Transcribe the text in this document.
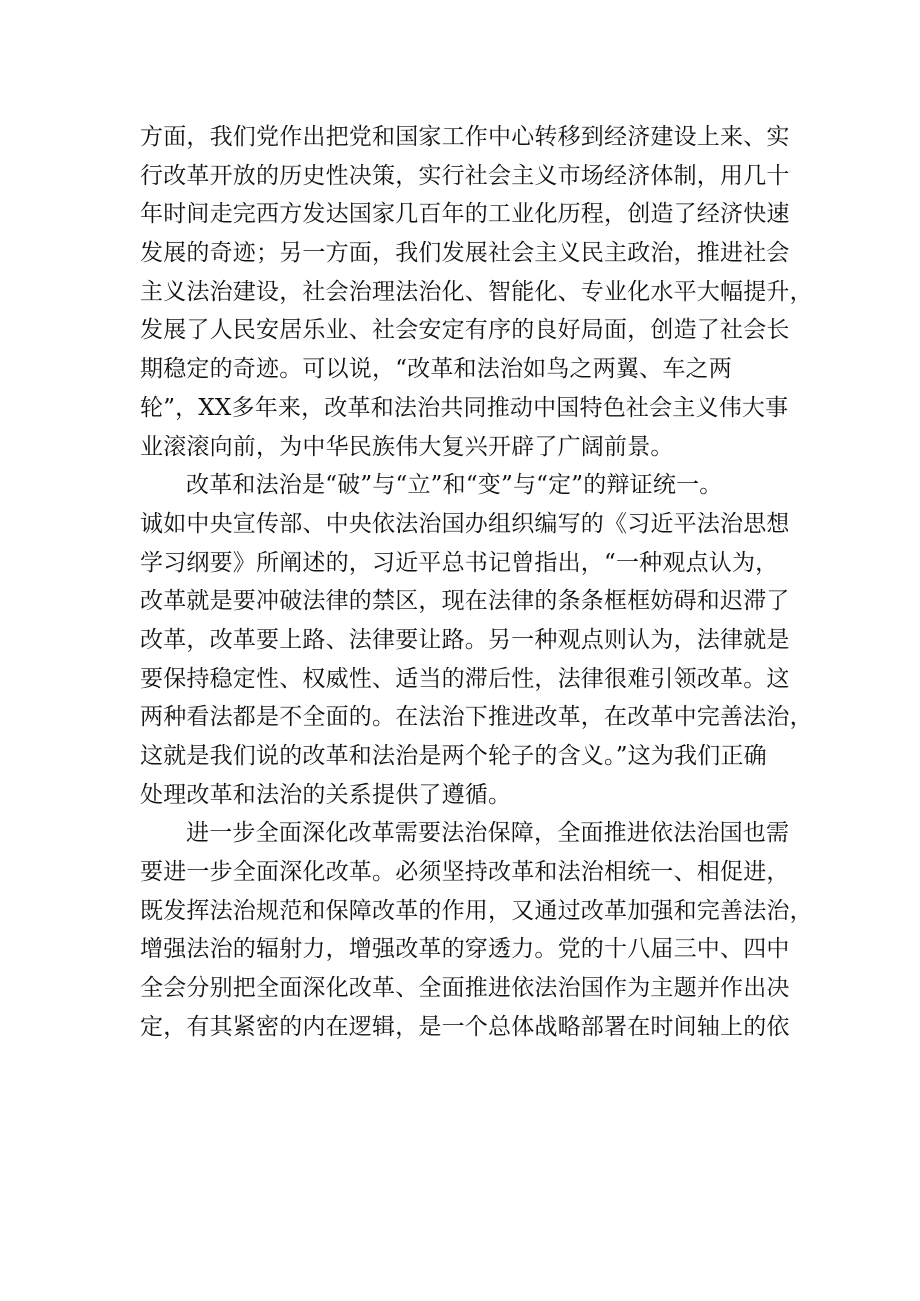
方面，我们党作出把党和国家工作中心转移到经济建设上来、实
行改革开放的历史性决策，实行社会主义市场经济体制，用几十
年时间走完西方发达国家几百年的工业化历程，创造了经济快速
发展的奇迹；另一方面，我们发展社会主义民主政治，推进社会
主义法治建设，社会治理法治化、智能化、专业化水平大幅提升，
发展了人民安居乐业、社会安定有序的良好局面，创造了社会长
期稳定的奇迹。可以说，“改革和法治如鸟之两翼、车之两
轮”，XX多年来，改革和法治共同推动中国特色社会主义伟大事
业滚滚向前，为中华民族伟大复兴开辟了广阔前景。
改革和法治是“破”与“立”和“变”与“定”的辩证统一。
诚如中央宣传部、中央依法治国办组织编写的《习近平法治思想
学习纲要》所阐述的，习近平总书记曾指出，“一种观点认为，
改革就是要冲破法律的禁区，现在法律的条条框框妨碍和迟滞了
改革，改革要上路、法律要让路。另一种观点则认为，法律就是
要保持稳定性、权威性、适当的滞后性，法律很难引领改革。这
两种看法都是不全面的。在法治下推进改革，在改革中完善法治，
这就是我们说的改革和法治是两个轮子的含义。”这为我们正确
处理改革和法治的关系提供了遵循。
进一步全面深化改革需要法治保障，全面推进依法治国也需
要进一步全面深化改革。必须坚持改革和法治相统一、相促进，
既发挥法治规范和保障改革的作用，又通过改革加强和完善法治，
增强法治的辐射力，增强改革的穿透力。党的十八届三中、四中
全会分别把全面深化改革、全面推进依法治国作为主题并作出决
定，有其紧密的内在逻辑，是一个总体战略部署在时间轴上的依
